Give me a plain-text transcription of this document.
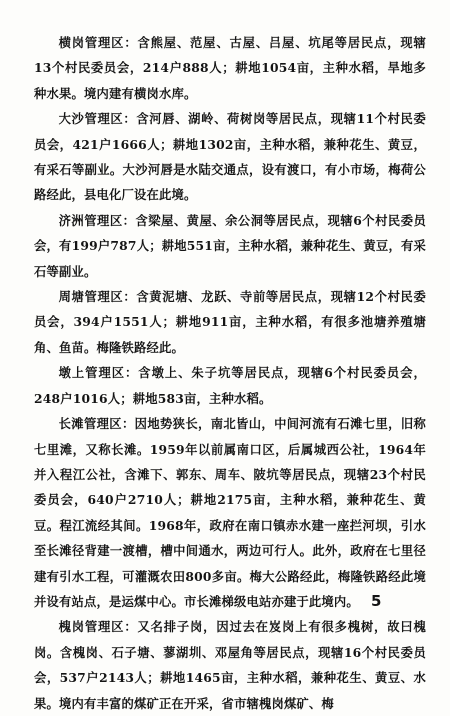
横岗管理区：含熊屋、范屋、古屋、吕屋、坑尾等居民点，现辖13个村民委员会，214户888人；耕地1054亩，主种水稻，旱地多种水果。境内建有横岗水库。

大沙管理区：含河唇、湖岭、荷树岗等居民点，现辖11个村民委员会，421户1666人；耕地1302亩，主种水稻，兼种花生、黄豆，有采石等副业。大沙河唇是水陆交通点，设有渡口，有小市场，梅荷公路经此，县电化厂设在此境。

济洲管理区：含梁屋、黄屋、余公洞等居民点，现辖6个村民委员会，有199户787人；耕地551亩，主种水稻，兼种花生、黄豆，有采石等副业。

周塘管理区：含黄泥塘、龙跃、寺前等居民点，现辖12个村民委员会，394户1551人；耕地911亩，主种水稻，有很多池塘养殖塘角、鱼苗。梅隆铁路经此。

墩上管理区：含墩上、朱子坑等居民点，现辖6个村民委员会，248户1016人；耕地583亩，主种水稻。

长滩管理区：因地势狭长，南北皆山，中间河流有石滩七里，旧称七里滩，又称长滩。1959年以前属南口区，后属城西公社，1964年并入程江公社，含滩下、郭东、周车、陂坑等居民点，现辖23个村民委员会，640户2710人；耕地2175亩，主种水稻，兼种花生、黄豆。程江流经其间。1968年，政府在南口镇赤水建一座拦河坝，引水至长滩径背建一渡槽，槽中间通水，两边可行人。此外，政府在七里径建有引水工程，可灌溉农田800多亩。梅大公路经此，梅隆铁路经此境并设有站点，是运煤中心。市长滩梯级电站亦建于此境内。

槐岗管理区：又名排子岗，因过去在岌岗上有很多槐树，故曰槐岗。含槐岗、石子塘、蓼湖圳、邓屋角等居民点，现辖16个村民委员会，537户2143人；耕地1465亩，主种水稻，兼种花生、黄豆、水果。境内有丰富的煤矿正在开采，省市辖槐岗煤矿、梅

5
